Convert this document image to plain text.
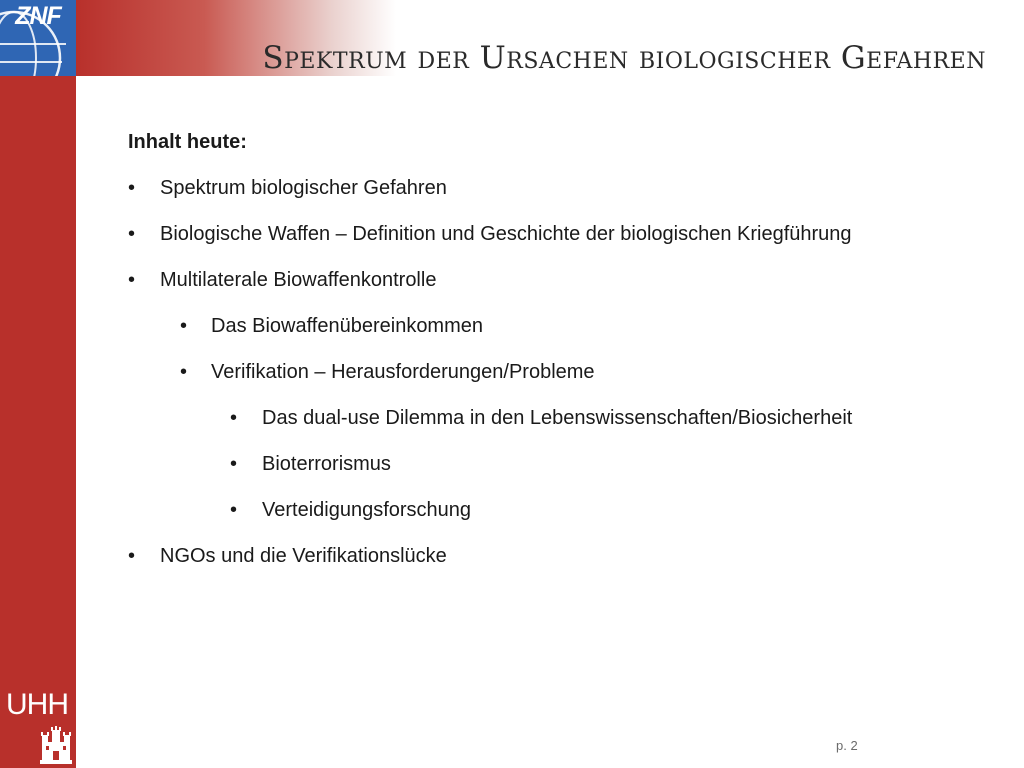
ZNF
Spektrum der Ursachen biologischer Gefahren
Inhalt heute:
• Spektrum biologischer Gefahren
• Biologische Waffen – Definition und Geschichte der biologischen Kriegführung
• Multilaterale Biowaffenkontrolle
• Das Biowaffenübereinkommen
• Verifikation – Herausforderungen/Probleme
• Das dual-use Dilemma in den Lebenswissenschaften/Biosicherheit
• Bioterrorismus
• Verteidigungsforschung
• NGOs und die Verifikationslücke
UHH
p. 2
